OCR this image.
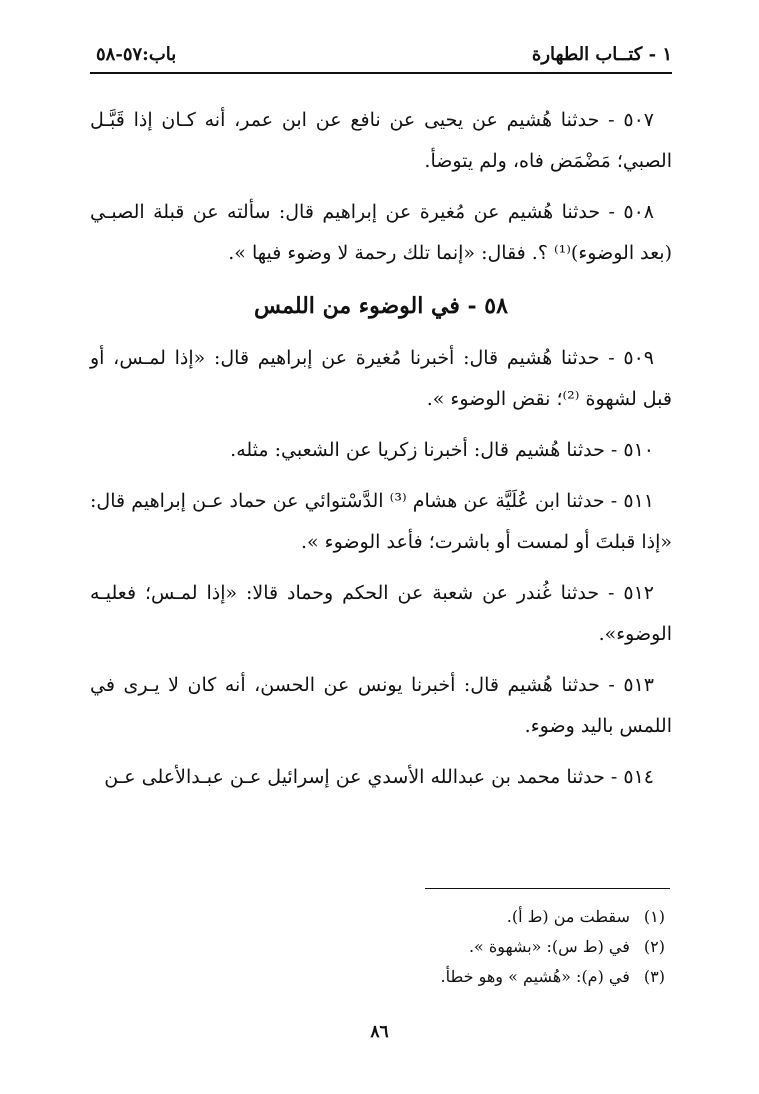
١ - كتــاب الطهارة
باب:٥٧-٥٨

٥٠٧ - حدثنا هُشيم عن يحيى عن نافع عن ابن عمر، أنه كـان إذا قَبَّـل الصبي؛ مَضْمَض فاه، ولم يتوضأ.

٥٠٨ - حدثنا هُشيم عن مُغيرة عن إبراهيم قال: سألته عن قبلة الصبـي (بعد الوضوء)⁽¹⁾ ؟. فقال: «إنما تلك رحمة لا وضوء فيها ».

٥٨ - في الوضوء من اللمس

٥٠٩ - حدثنا هُشيم قال: أخبرنا مُغيرة عن إبراهيم قال: «إذا لمـس، أو قبل لشهوة ⁽²⁾؛ نقض الوضوء ».

٥١٠ - حدثنا هُشيم قال: أخبرنا زكريا عن الشعبي: مثله.

٥١١ - حدثنا ابن عُلَيَّة عن هشام ⁽³⁾ الدَّسْتوائي عن حماد عـن إبراهيم قال: «إذا قبلتَ أو لمست أو باشرت؛ فأعد الوضوء ».

٥١٢ - حدثنا غُندر عن شعبة عن الحكم وحماد قالا: «إذا لمـس؛ فعليـه الوضوء».

٥١٣ - حدثنا هُشيم قال: أخبرنا يونس عن الحسن، أنه كان لا يـرى في اللمس باليد وضوء.

٥١٤ - حدثنا محمد بن عبدالله الأسدي عن إسرائيل عـن عبـدالأعلى عـن

(١) سقطت من (ط أ).

(٢) في (ط س): «بشهوة ».

(٣) في (م): «هُشيم » وهو خطأ.

٨٦
